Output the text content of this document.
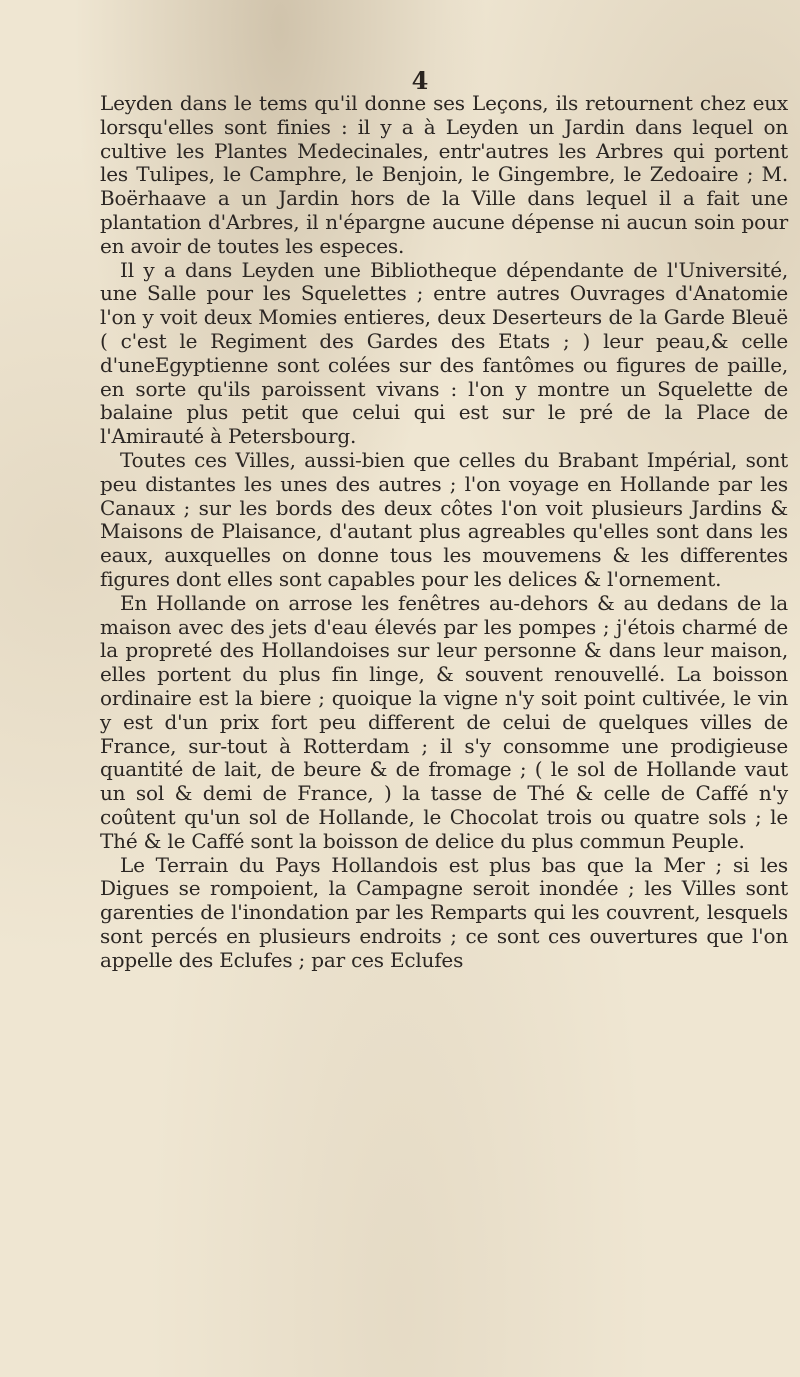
4

Leyden dans le tems qu'il donne ses Leçons, ils retournent chez eux lorsqu'elles sont finies : il y a à Leyden un Jardin dans lequel on cultive les Plantes Medecinales, entr'autres les Arbres qui portent les Tulipes, le Camphre, le Benjoin, le Gingembre, le Zedoaire ; M. Boërhaave a un Jardin hors de la Ville dans lequel il a fait une plantation d'Arbres, il n'épargne aucune dépense ni aucun soin pour en avoir de toutes les especes.

Il y a dans Leyden une Bibliotheque dépendante de l'Université, une Salle pour les Squelettes ; entre autres Ouvrages d'Anatomie l'on y voit deux Momies entieres, deux Deserteurs de la Garde Bleuë ( c'est le Regiment des Gardes des Etats ; ) leur peau,& celle d'uneEgyptienne sont colées sur des fantômes ou figures de paille, en sorte qu'ils paroissent vivans : l'on y montre un Squelette de balaine plus petit que celui qui est sur le pré de la Place de l'Amirauté à Petersbourg.

Toutes ces Villes, aussi-bien que celles du Brabant Impérial, sont peu distantes les unes des autres ; l'on voyage en Hollande par les Canaux ; sur les bords des deux côtes l'on voit plusieurs Jardins & Maisons de Plaisance, d'autant plus agreables qu'elles sont dans les eaux, auxquelles on donne tous les mouvemens & les differentes figures dont elles sont capables pour les delices & l'ornement.

En Hollande on arrose les fenêtres au-dehors & au dedans de la maison avec des jets d'eau élevés par les pompes ; j'étois charmé de la propreté des Hollandoises sur leur personne & dans leur maison, elles portent du plus fin linge, & souvent renouvellé. La boisson ordinaire est la biere ; quoique la vigne n'y soit point cultivée, le vin y est d'un prix fort peu different de celui de quelques villes de France, sur-tout à Rotterdam ; il s'y consomme une prodigieuse quantité de lait, de beure & de fromage ; ( le sol de Hollande vaut un sol & demi de France, ) la tasse de Thé & celle de Caffé n'y coûtent qu'un sol de Hollande, le Chocolat trois ou quatre sols ; le Thé & le Caffé sont la boisson de delice du plus commun Peuple.

Le Terrain du Pays Hollandois est plus bas que la Mer ; si les Digues se rompoient, la Campagne seroit inondée ; les Villes sont garenties de l'inondation par les Remparts qui les couvrent, lesquels sont percés en plusieurs endroits ; ce sont ces ouvertures que l'on appelle des Eclufes ; par ces Eclufes
